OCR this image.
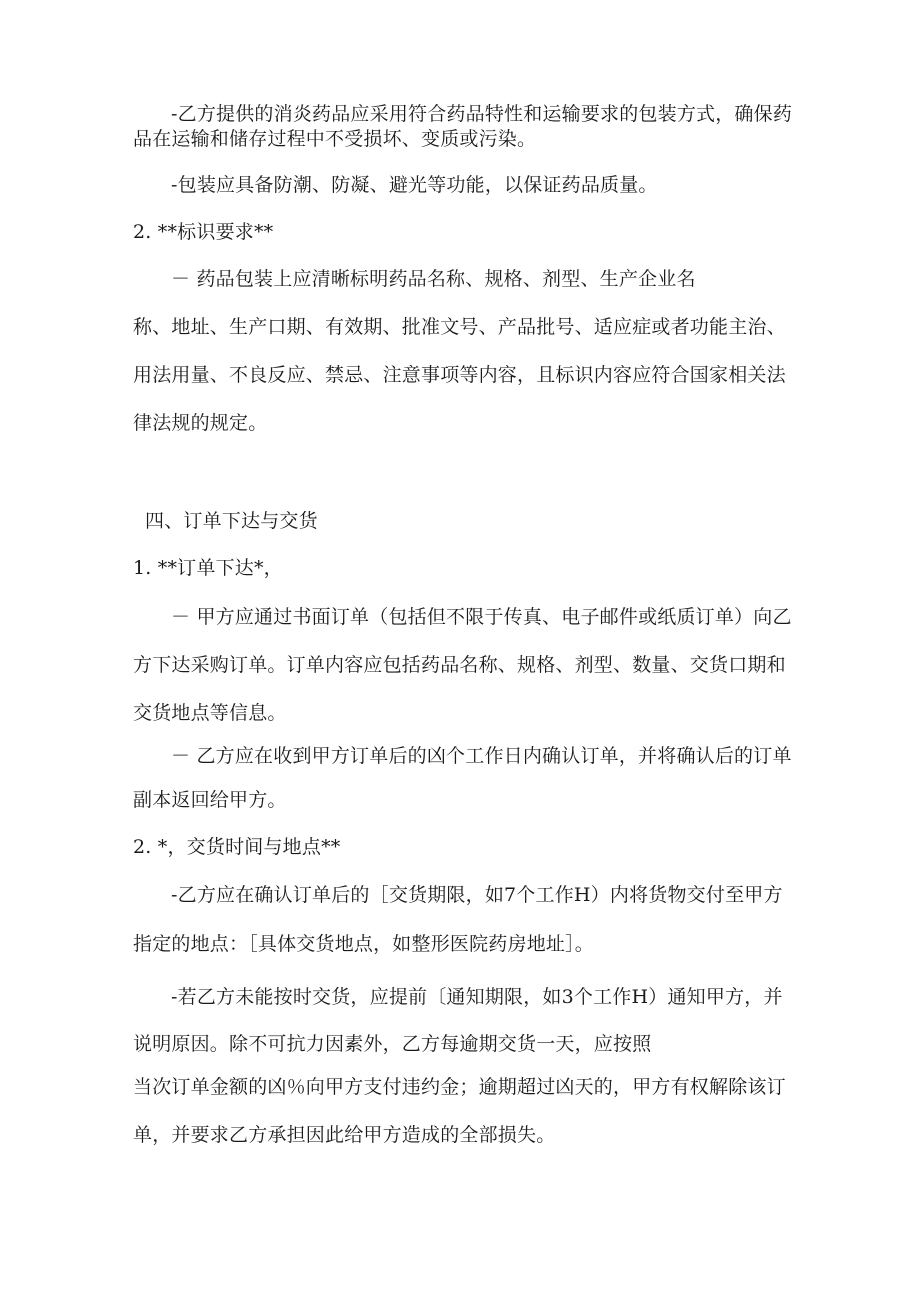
-乙方提供的消炎药品应采用符合药品特性和运输要求的包装方式，确保药

品在运输和储存过程中不受损坏、变质或污染。

-包装应具备防潮、防凝、避光等功能，以保证药品质量。

2. **标识要求**

－ 药品包装上应清晰标明药品名称、规格、剂型、生产企业名

称、地址、生产口期、有效期、批准文号、产品批号、适应症或者功能主治、

用法用量、不良反应、禁忌、注意事项等内容，且标识内容应符合国家相关法

律法规的规定。

四、订单下达与交货

1. **订单下达*，

－ 甲方应通过书面订单（包括但不限于传真、电子邮件或纸质订单）向乙

方下达采购订单。订单内容应包括药品名称、规格、剂型、数量、交货口期和

交货地点等信息。

－ 乙方应在收到甲方订单后的凶个工作日内确认订单，并将确认后的订单

副本返回给甲方。

2. *，交货时间与地点**

-乙方应在确认订单后的［交货期限，如7个工作H）内将货物交付至甲方

指定的地点：［具体交货地点，如整形医院药房地址］。

-若乙方未能按时交货，应提前〔通知期限，如3个工作H）通知甲方，并

说明原因。除不可抗力因素外，乙方每逾期交货一天，应按照

当次订单金额的凶％向甲方支付违约金；逾期超过凶天的，甲方有权解除该订

单，并要求乙方承担因此给甲方造成的全部损失。
